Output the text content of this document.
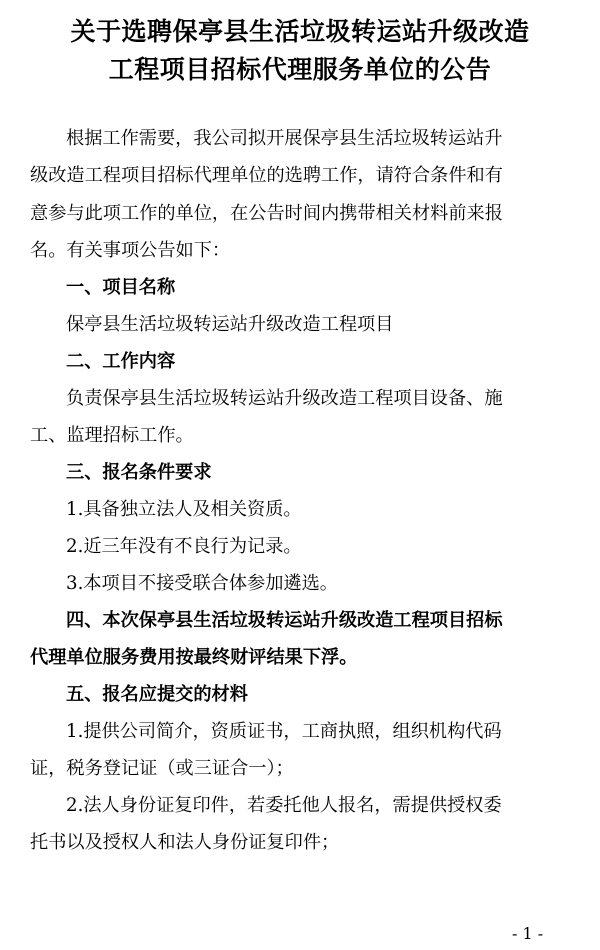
关于选聘保亭县生活垃圾转运站升级改造
工程项目招标代理服务单位的公告
根据工作需要，我公司拟开展保亭县生活垃圾转运站升
级改造工程项目招标代理单位的选聘工作，请符合条件和有
意参与此项工作的单位，在公告时间内携带相关材料前来报
名。有关事项公告如下：
一、项目名称
保亭县生活垃圾转运站升级改造工程项目
二、工作内容
负责保亭县生活垃圾转运站升级改造工程项目设备、施
工、监理招标工作。
三、报名条件要求
1.具备独立法人及相关资质。
2.近三年没有不良行为记录。
3.本项目不接受联合体参加遴选。
四、本次保亭县生活垃圾转运站升级改造工程项目招标
代理单位服务费用按最终财评结果下浮。
五、报名应提交的材料
1.提供公司简介，资质证书，工商执照，组织机构代码
证，税务登记证（或三证合一）；
2.法人身份证复印件，若委托他人报名，需提供授权委
托书以及授权人和法人身份证复印件；
- 1 -
